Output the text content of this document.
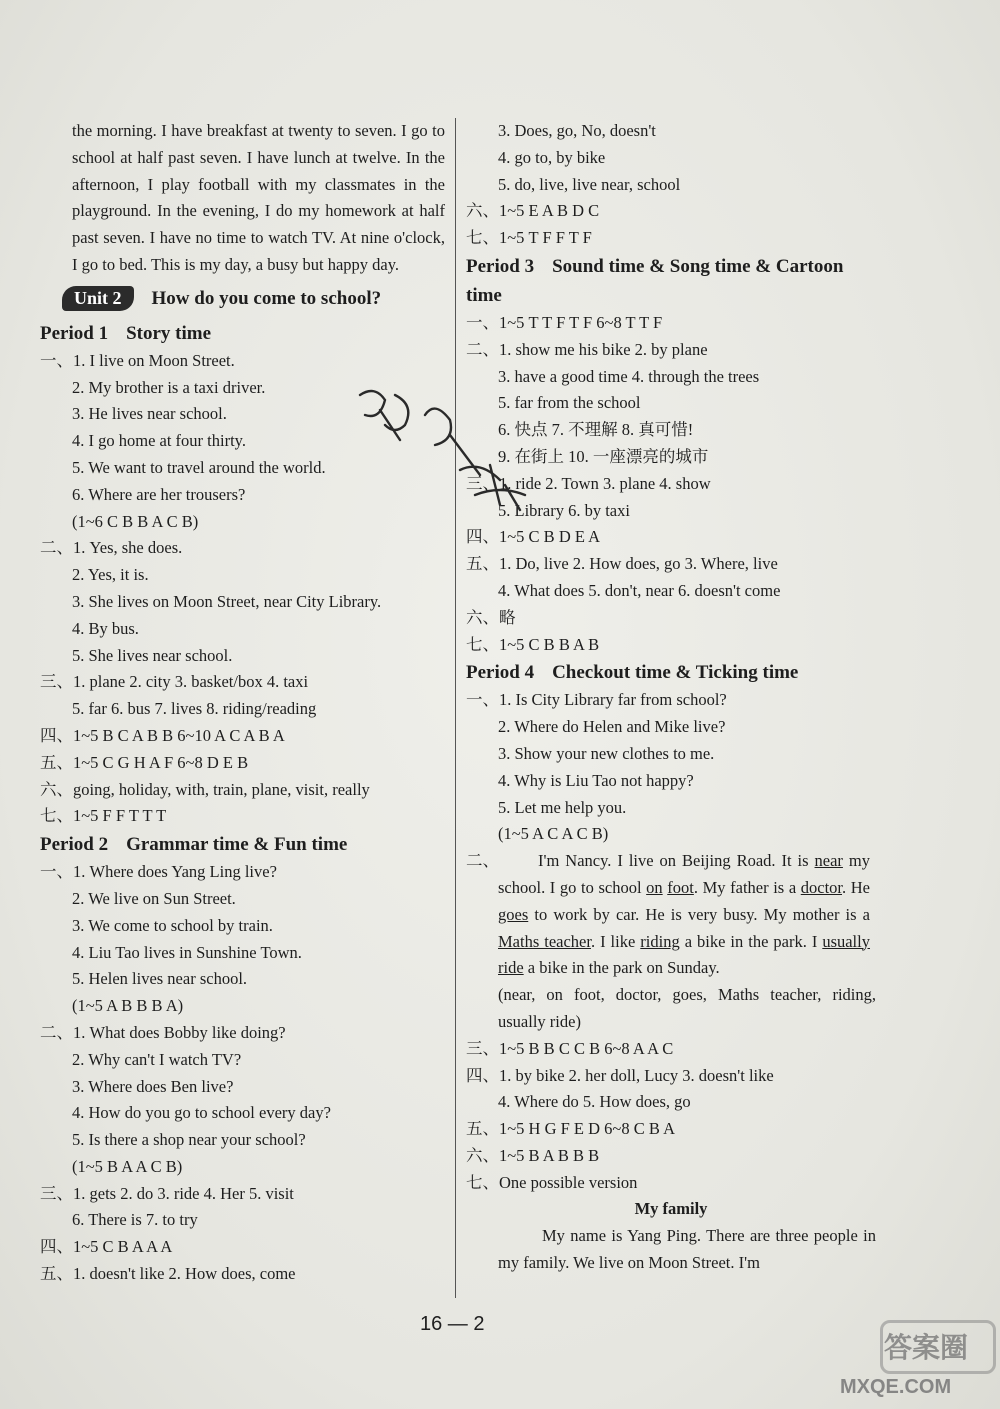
the morning. I have breakfast at twenty to seven. I go to school at half past seven. I have lunch at twelve. In the afternoon, I play football with my classmates in the playground. In the evening, I do my homework at half past seven. I have no time to watch TV. At nine o'clock, I go to bed. This is my day, a busy but happy day.
Unit 2	How do you come to school?
Period 1 Story time
一、1. I live on Moon Street.
2. My brother is a taxi driver.
3. He lives near school.
4. I go home at four thirty.
5. We want to travel around the world.
6. Where are her trousers?
(1~6 C B B A C B)
二、1. Yes, she does.
2. Yes, it is.
3. She lives on Moon Street, near City Library.
4. By bus.
5. She lives near school.
三、1. plane 2. city 3. basket/box 4. taxi
5. far 6. bus 7. lives 8. riding/reading
四、1~5 B C A B B 6~10 A C A B A
五、1~5 C G H A F 6~8 D E B
六、going, holiday, with, train, plane, visit, really
七、1~5 F F T T T
Period 2 Grammar time & Fun time
一、1. Where does Yang Ling live?
2. We live on Sun Street.
3. We come to school by train.
4. Liu Tao lives in Sunshine Town.
5. Helen lives near school.
(1~5 A B B B A)
二、1. What does Bobby like doing?
2. Why can't I watch TV?
3. Where does Ben live?
4. How do you go to school every day?
5. Is there a shop near your school?
(1~5 B A A C B)
三、1. gets 2. do 3. ride 4. Her 5. visit
6. There is 7. to try
四、1~5 C B A A A
五、1. doesn't like 2. How does, come
3. Does, go, No, doesn't
4. go to, by bike
5. do, live, live near, school
六、1~5 E A B D C
七、1~5 T F F T F
Period 3 Sound time & Song time & Cartoon
time
一、1~5 T T F T F 6~8 T T F
二、1. show me his bike 2. by plane
3. have a good time 4. through the trees
5. far from the school
6. 快点 7. 不理解 8. 真可惜!
9. 在街上 10. 一座漂亮的城市
三、1. ride 2. Town 3. plane 4. show
5. Library 6. by taxi
四、1~5 C B D E A
五、1. Do, live 2. How does, go 3. Where, live
4. What does 5. don't, near 6. doesn't come
六、略
七、1~5 C B B A B
Period 4 Checkout time & Ticking time
一、1. Is City Library far from school?
2. Where do Helen and Mike live?
3. Show your new clothes to me.
4. Why is Liu Tao not happy?
5. Let me help you.
(1~5 A C A C B)
二、	I'm Nancy. I live on Beijing Road. It is near my school. I go to school on foot. My father is a doctor. He goes to work by car. He is very busy. My mother is a Maths teacher. I like riding a bike in the park. I usually ride a bike in the park on Sunday.
(near, on foot, doctor, goes, Maths teacher, riding, usually ride)
三、1~5 B B C C B 6~8 A A C
四、1. by bike 2. her doll, Lucy 3. doesn't like
4. Where do 5. How does, go
五、1~5 H G F E D 6~8 C B A
六、1~5 B A B B B
七、One possible version
My family
My name is Yang Ping. There are three people in my family. We live on Moon Street. I'm
16 — 2
答案圈
MXQE.COM
